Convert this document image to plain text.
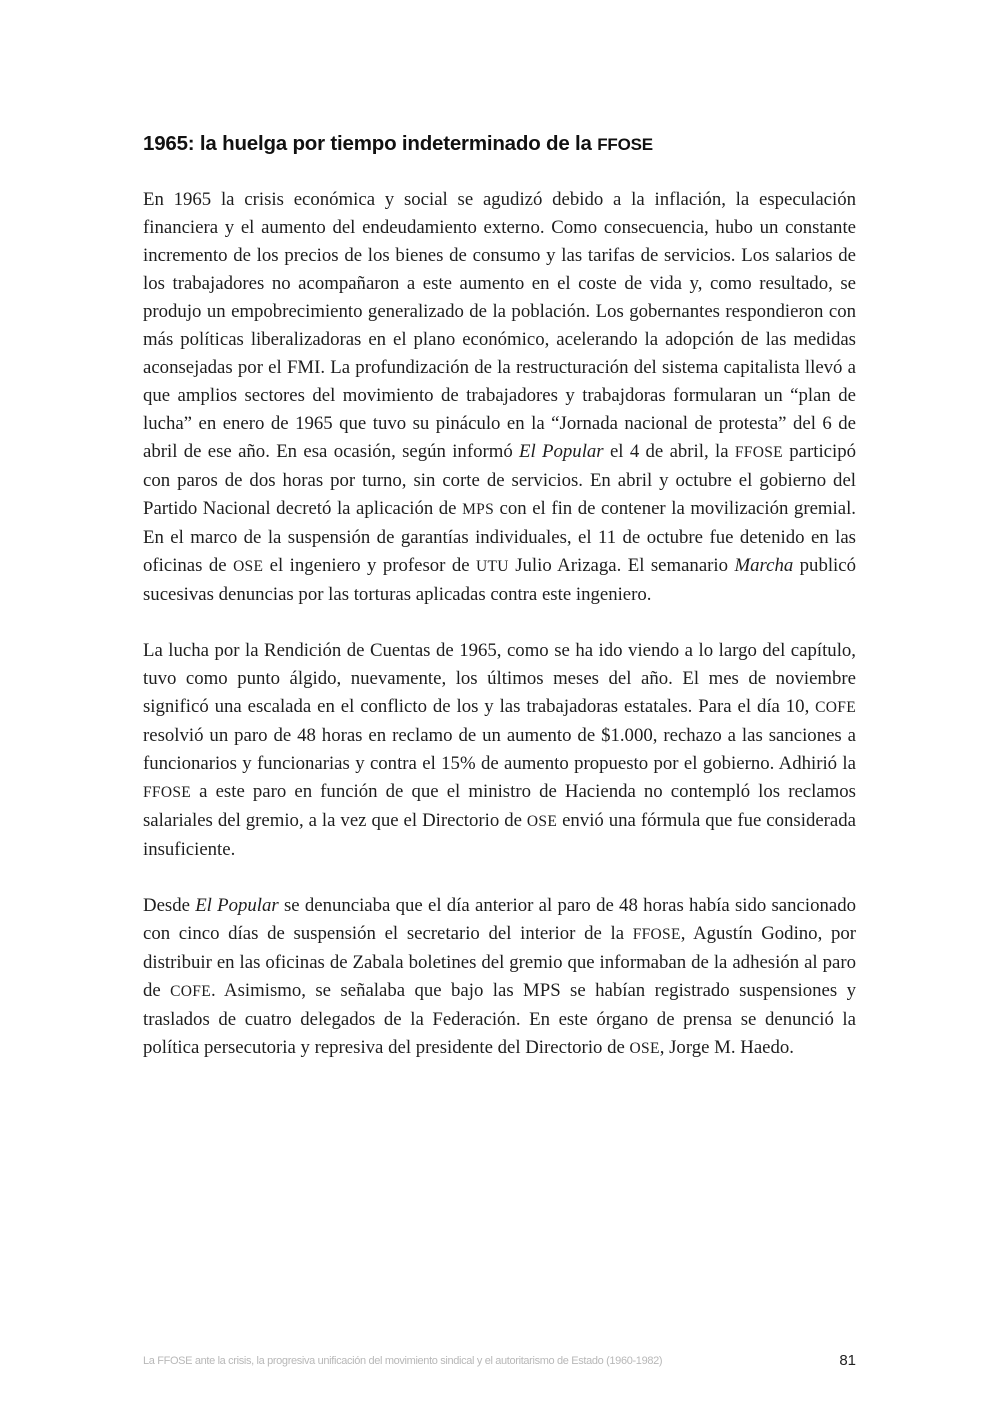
1965: la huelga por tiempo indeterminado de la FFOSE

En 1965 la crisis económica y social se agudizó debido a la inflación, la especulación financiera y el aumento del endeudamiento externo. Como consecuencia, hubo un constante incremento de los precios de los bienes de consumo y las tarifas de servicios. Los salarios de los trabajadores no acompañaron a este aumento en el coste de vida y, como resultado, se produjo un empobrecimiento generalizado de la población. Los gobernantes respondieron con más políticas liberalizadoras en el plano económico, acelerando la adopción de las medidas aconsejadas por el FMI. La profundización de la restructuración del sistema capitalista llevó a que amplios sectores del movimiento de trabajadores y trabajdoras formularan un “plan de lucha” en enero de 1965 que tuvo su pináculo en la “Jornada nacional de protesta” del 6 de abril de ese año. En esa ocasión, según informó El Popular el 4 de abril, la FFOSE participó con paros de dos horas por turno, sin corte de servicios. En abril y octubre el gobierno del Partido Nacional decretó la aplicación de MPS con el fin de contener la movilización gremial. En el marco de la suspensión de garantías individuales, el 11 de octubre fue detenido en las oficinas de OSE el ingeniero y profesor de UTU Julio Arizaga. El semanario Marcha publicó sucesivas denuncias por las torturas aplicadas contra este ingeniero.

La lucha por la Rendición de Cuentas de 1965, como se ha ido viendo a lo largo del capítulo, tuvo como punto álgido, nuevamente, los últimos meses del año. El mes de noviembre significó una escalada en el conflicto de los y las trabajadoras estatales. Para el día 10, COFE resolvió un paro de 48 horas en reclamo de un aumento de $1.000, rechazo a las sanciones a funcionarios y funcionarias y contra el 15% de aumento propuesto por el gobierno. Adhirió la FFOSE a este paro en función de que el ministro de Hacienda no contempló los reclamos salariales del gremio, a la vez que el Directorio de OSE envió una fórmula que fue considerada insuficiente.

Desde El Popular se denunciaba que el día anterior al paro de 48 horas había sido sancionado con cinco días de suspensión el secretario del interior de la FFOSE, Agustín Godino, por distribuir en las oficinas de Zabala boletines del gremio que informaban de la adhesión al paro de COFE. Asimismo, se señalaba que bajo las MPS se habían registrado suspensiones y traslados de cuatro delegados de la Federación. En este órgano de prensa se denunció la política persecutoria y represiva del presidente del Directorio de OSE, Jorge M. Haedo.

La FFOSE ante la crisis, la progresiva unificación del movimiento sindical y el autoritarismo de Estado (1960-1982)	81
